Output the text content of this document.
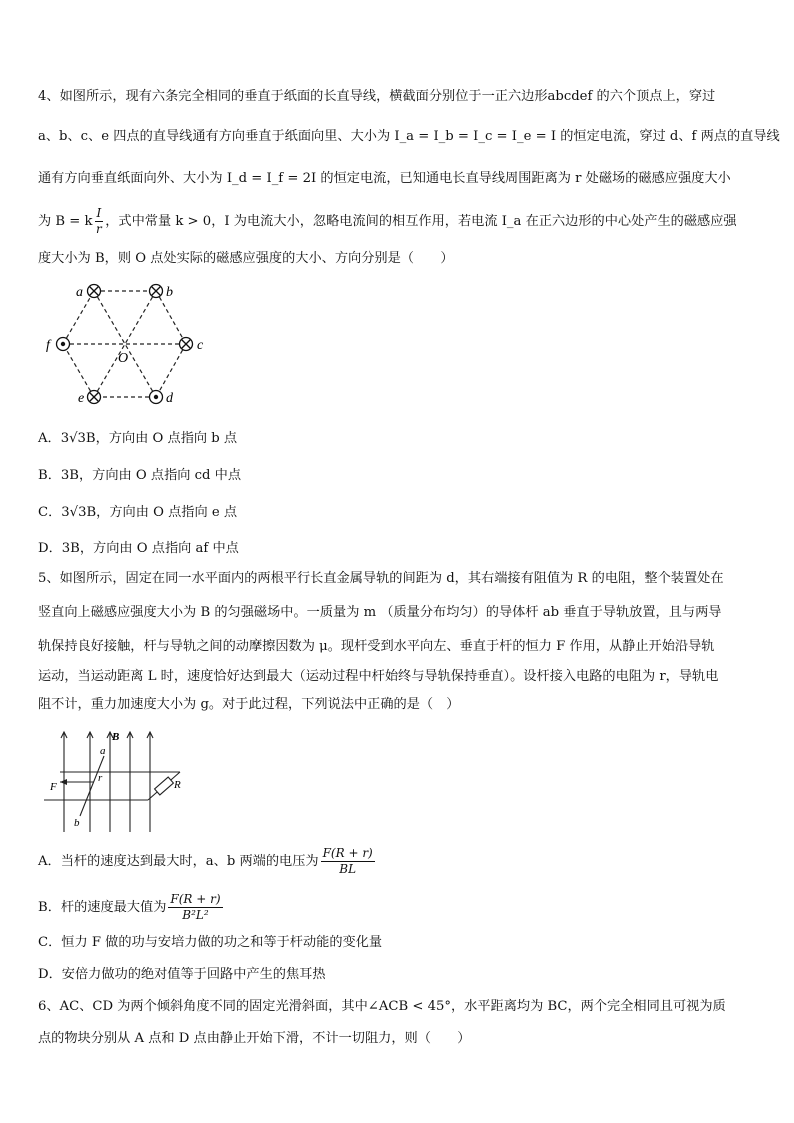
4、如图所示，现有六条完全相同的垂直于纸面的长直导线，横截面分别位于一正六边形abcdef 的六个顶点上，穿过
a、b、c、e 四点的直导线通有方向垂直于纸面向里、大小为 I_a = I_b = I_c = I_e = I 的恒定电流，穿过 d、f 两点的直导线
通有方向垂直纸面向外、大小为 I_d = I_f = 2I 的恒定电流，已知通电长直导线周围距离为 r 处磁场的磁感应强度大小
为 B = k $\frac{I}{r}$ ，式中常量 k > 0，I 为电流大小，忽略电流间的相互作用，若电流 I_a 在正六边形的中心处产生的磁感应强
度大小为 B，则 O 点处实际的磁感应强度的大小、方向分别是（　　）
a	b
c
d
e
f
O
A．3√3B，方向由 O 点指向 b 点
B．3B，方向由 O 点指向 cd 中点
C．3√3B，方向由 O 点指向 e 点
D．3B，方向由 O 点指向 af 中点
5、如图所示，固定在同一水平面内的两根平行长直金属导轨的间距为 d，其右端接有阻值为 R 的电阻，整个装置处在
竖直向上磁感应强度大小为 B 的匀强磁场中。一质量为 m （质量分布均匀）的导体杆 ab 垂直于导轨放置，且与两导
轨保持良好接触，杆与导轨之间的动摩擦因数为 μ。现杆受到水平向左、垂直于杆的恒力 F 作用，从静止开始沿导轨
运动，当运动距离 L 时，速度恰好达到最大（运动过程中杆始终与导轨保持垂直）。设杆接入电路的电阻为 r，导轨电
阻不计，重力加速度大小为 g。对于此过程，下列说法中正确的是（　）
B
a
F
r
R
b
A．当杆的速度达到最大时，a、b 两端的电压为 $\frac{F(R + r)}{BL}$
B．杆的速度最大值为 $\frac{F(R + r)}{\text{B²L²}}$
C．恒力 F 做的功与安培力做的功之和等于杆动能的变化量
D．安倍力做功的绝对值等于回路中产生的焦耳热
6、AC、CD 为两个倾斜角度不同的固定光滑斜面，其中∠ACB < 45°，水平距离均为 BC，两个完全相同且可视为质
点的物块分别从 A 点和 D 点由静止开始下滑，不计一切阻力，则（　　）
